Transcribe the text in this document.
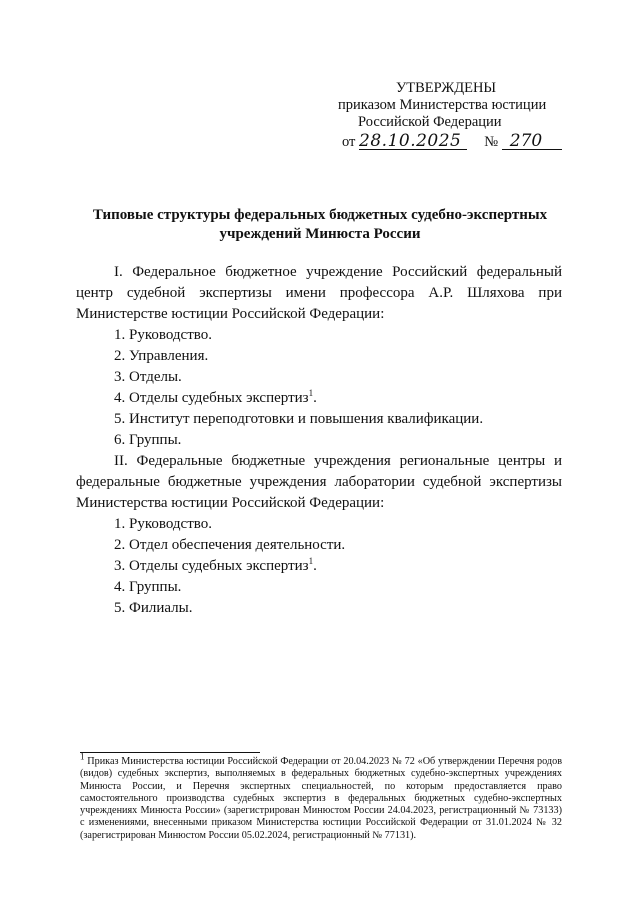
УТВЕРЖДЕНЫ
приказом Министерства юстиции
Российской Федерации
от 28.10.2025 № 270
Типовые структуры федеральных бюджетных судебно-экспертных
учреждений Минюста России

I. Федеральное бюджетное учреждение Российский федеральный центр судебной экспертизы имени профессора А.Р. Шляхова при Министерстве юстиции Российской Федерации:

1. Руководство.

2. Управления.

3. Отделы.

4. Отделы судебных экспертиз$^1$.

5. Институт переподготовки и повышения квалификации.

6. Группы.

II. Федеральные бюджетные учреждения региональные центры и федеральные бюджетные учреждения лаборатории судебной экспертизы Министерства юстиции Российской Федерации:

1. Руководство.

2. Отдел обеспечения деятельности.

3. Отделы судебных экспертиз$^1$.

4. Группы.

5. Филиалы.

$^1$ Приказ Министерства юстиции Российской Федерации от 20.04.2023 № 72 «Об утверждении Перечня родов (видов) судебных экспертиз, выполняемых в федеральных бюджетных судебно-экспертных учреждениях Минюста России, и Перечня экспертных специальностей, по которым предоставляется право самостоятельного производства судебных экспертиз в федеральных бюджетных судебно-экспертных учреждениях Минюста России» (зарегистрирован Минюстом России 24.04.2023, регистрационный № 73133) с изменениями, внесенными приказом Министерства юстиции Российской Федерации от 31.01.2024 № 32 (зарегистрирован Минюстом России 05.02.2024, регистрационный № 77131).
